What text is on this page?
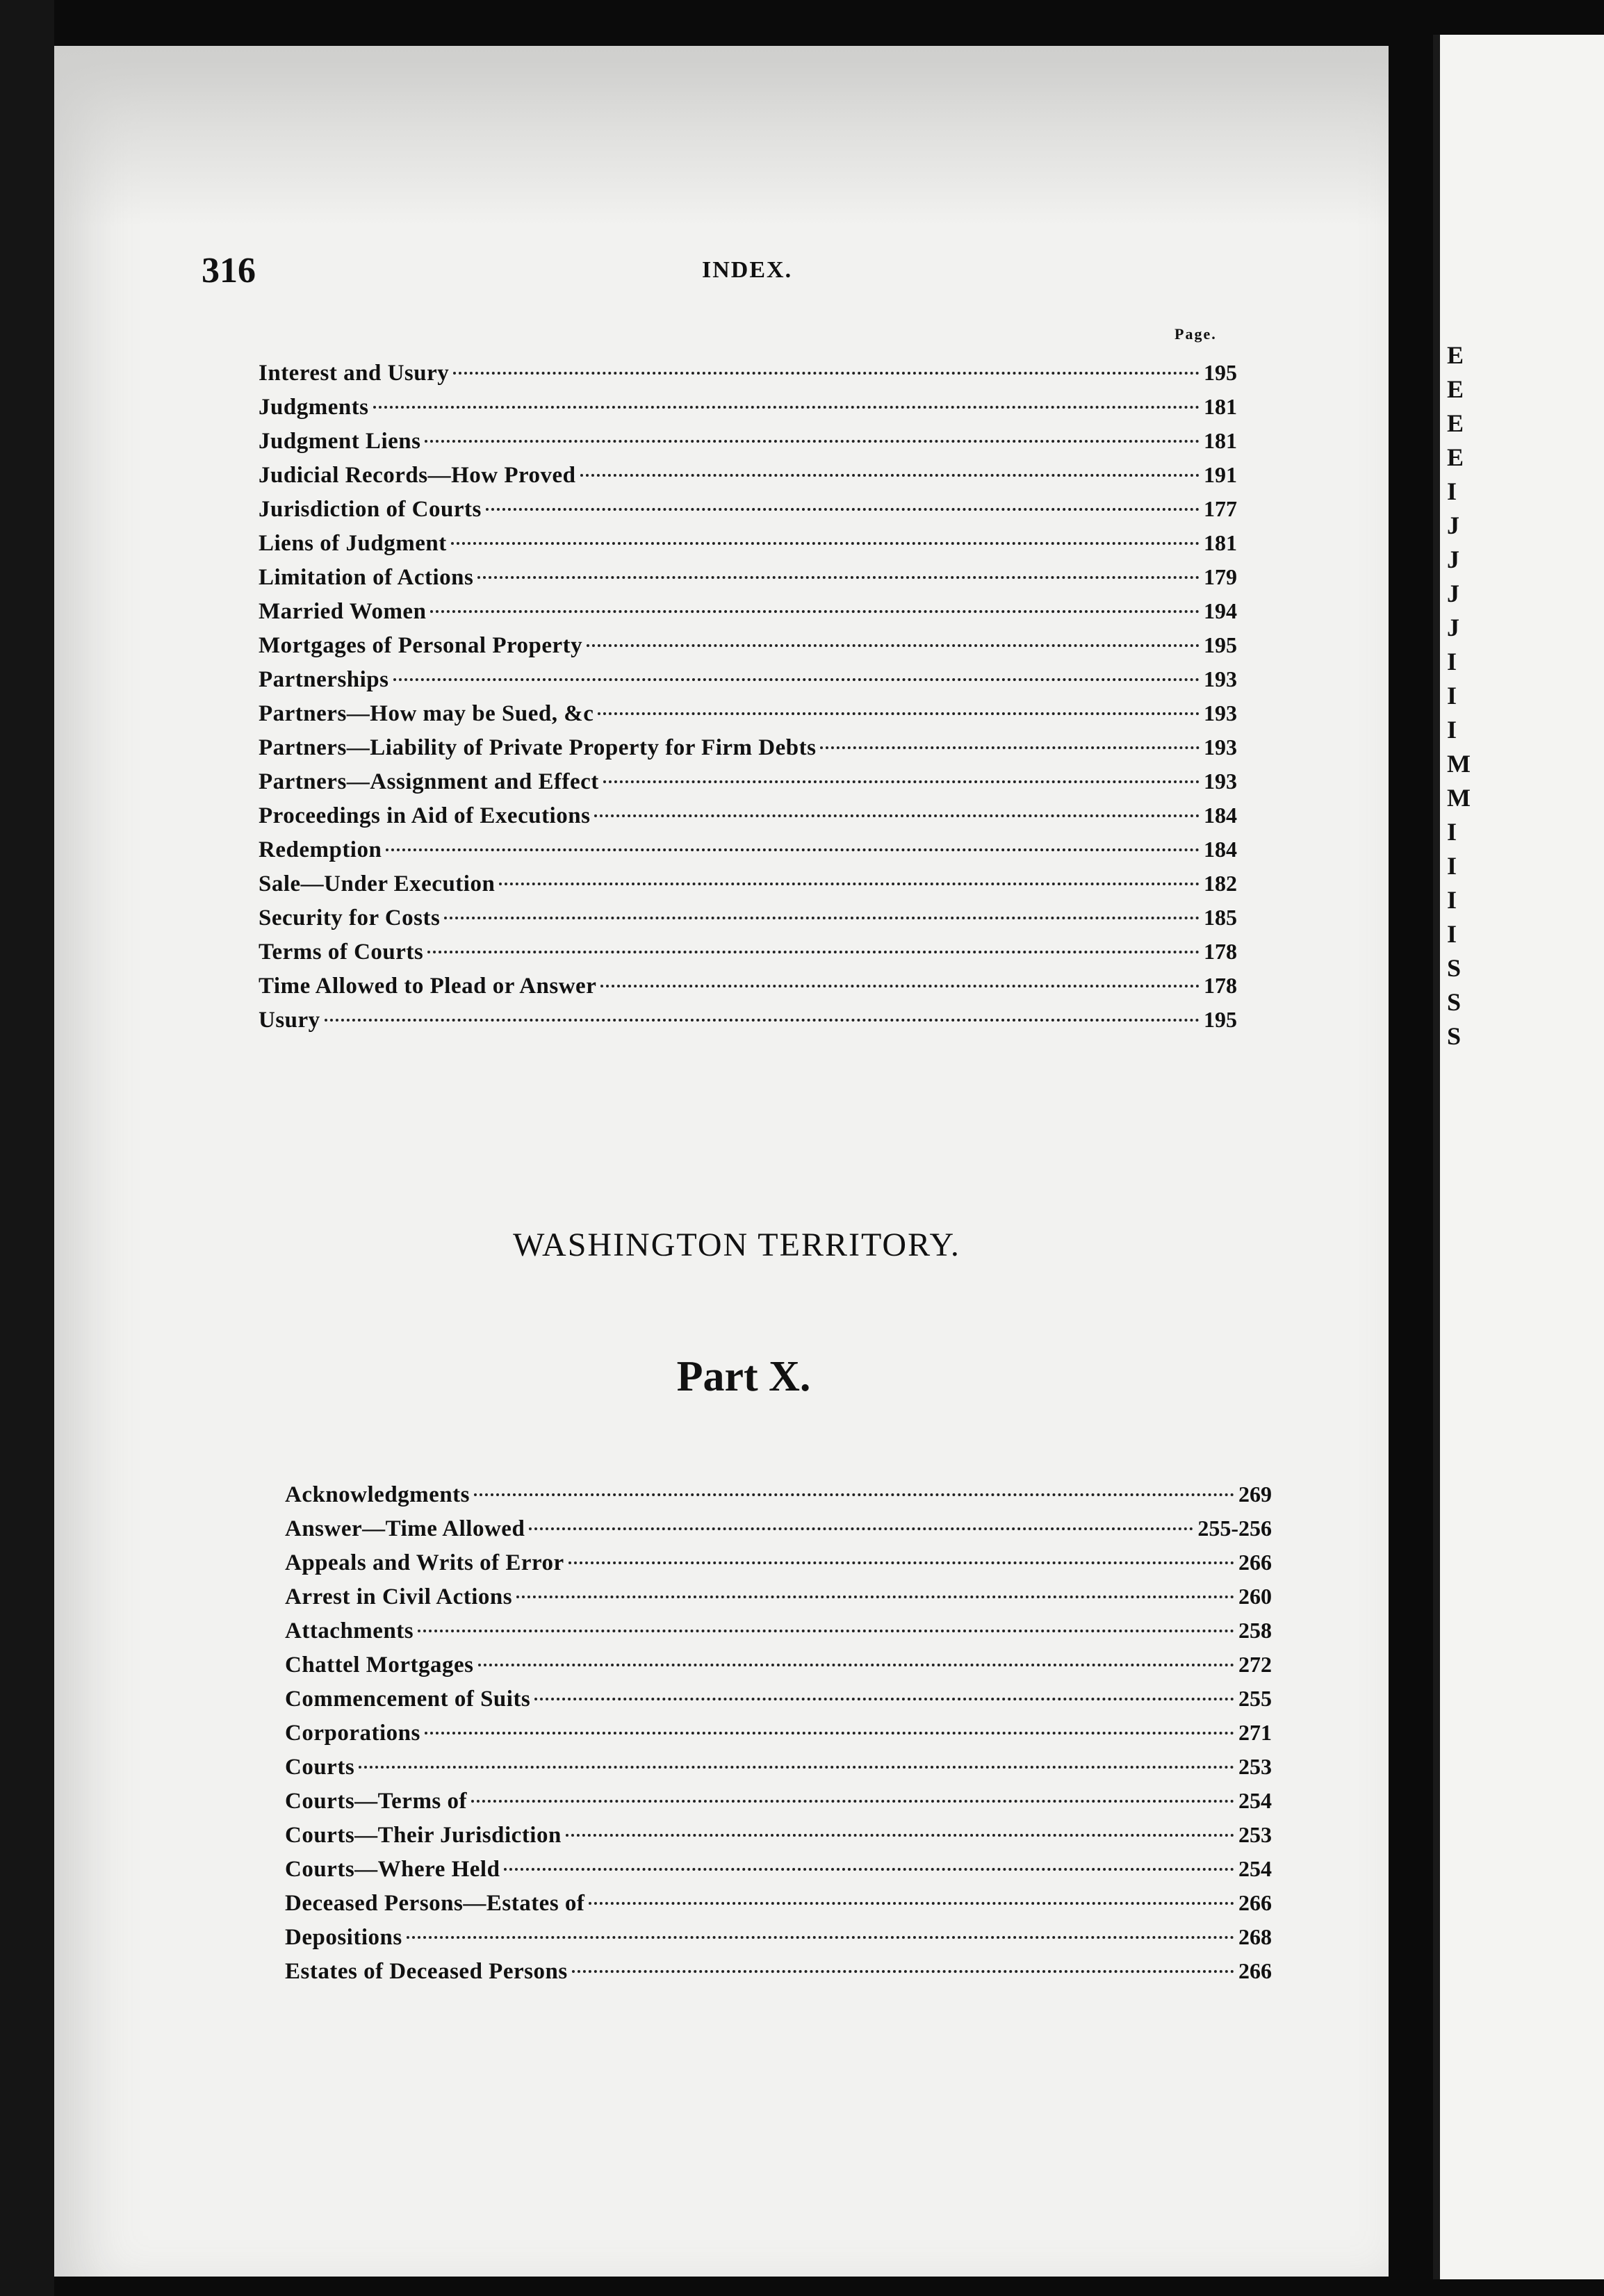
E
E
E
E
I
J
J
J
J
I
I
I
M
M
I
I
I
I
S
S
S
316	INDEX.
Page.
Interest and Usury	195
Judgments	181
Judgment Liens	181
Judicial Records—How Proved	191
Jurisdiction of Courts	177
Liens of Judgment	181
Limitation of Actions	179
Married Women	194
Mortgages of Personal Property	195
Partnerships	193
Partners—How may be Sued, &c	193
Partners—Liability of Private Property for Firm Debts	193
Partners—Assignment and Effect	193
Proceedings in Aid of Executions	184
Redemption	184
Sale—Under Execution	182
Security for Costs	185
Terms of Courts	178
Time Allowed to Plead or Answer	178
Usury	195
WASHINGTON TERRITORY.
Part X.
Acknowledgments	269
Answer—Time Allowed	255-256
Appeals and Writs of Error	266
Arrest in Civil Actions	260
Attachments	258
Chattel Mortgages	272
Commencement of Suits	255
Corporations	271
Courts	253
Courts—Terms of	254
Courts—Their Jurisdiction	253
Courts—Where Held	254
Deceased Persons—Estates of	266
Depositions	268
Estates of Deceased Persons	266
